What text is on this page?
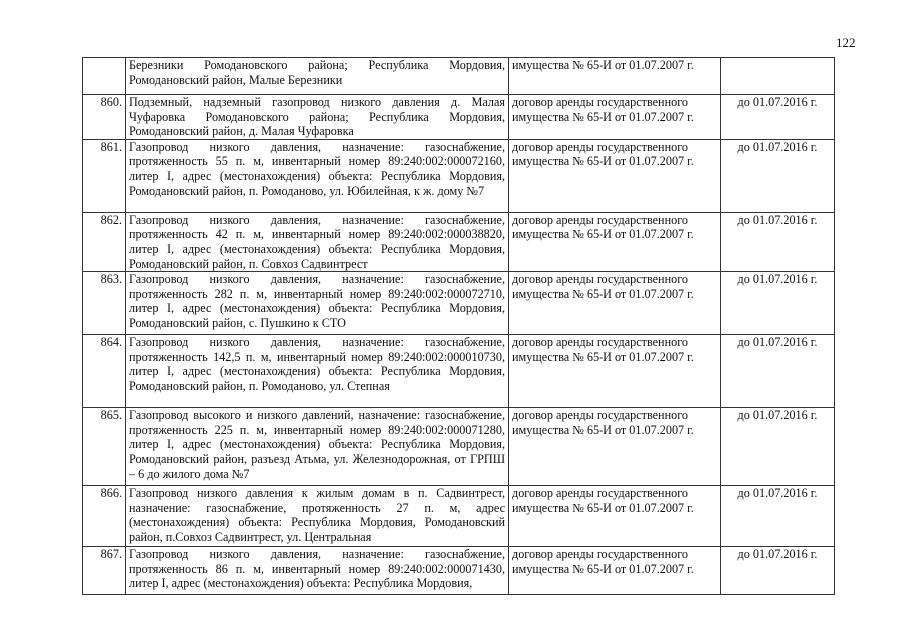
122
	Березники Ромодановского района; Республика Мордовия, Ромодановский район, Малые Березники	имущества № 65-И от 01.07.2007 г.	
860.	Подземный, надземный газопровод низкого давления д. Малая Чуфаровка Ромодановского района; Республика Мордовия, Ромодановский район, д. Малая Чуфаровка	договор аренды государственного имущества № 65-И от 01.07.2007 г.	до 01.07.2016 г.
861.	Газопровод низкого давления, назначение: газоснабжение, протяженность 55 п. м, инвентарный номер 89:240:002:000072160, литер I, адрес (местонахождения) объекта: Республика Мордовия, Ромодановский район, п. Ромоданово, ул. Юбилейная, к ж. дому №7	договор аренды государственного имущества № 65-И от 01.07.2007 г.	до 01.07.2016 г.
862.	Газопровод низкого давления, назначение: газоснабжение, протяженность 42 п. м, инвентарный номер 89:240:002:000038820, литер I, адрес (местонахождения) объекта: Республика Мордовия, Ромодановский район, п. Совхоз Садвинтрест	договор аренды государственного имущества № 65-И от 01.07.2007 г.	до 01.07.2016 г.
863.	Газопровод низкого давления, назначение: газоснабжение, протяженность 282 п. м, инвентарный номер 89:240:002:000072710, литер I, адрес (местонахождения) объекта: Республика Мордовия, Ромодановский район, с. Пушкино к СТО	договор аренды государственного имущества № 65-И от 01.07.2007 г.	до 01.07.2016 г.
864.	Газопровод низкого давления, назначение: газоснабжение, протяженность 142,5 п. м, инвентарный номер 89:240:002:000010730, литер I, адрес (местонахождения) объекта: Республика Мордовия, Ромодановский район, п. Ромоданово, ул. Степная	договор аренды государственного имущества № 65-И от 01.07.2007 г.	до 01.07.2016 г.
865.	Газопровод высокого и низкого давлений, назначение: газоснабжение, протяженность 225 п. м, инвентарный номер 89:240:002:000071280, литер I, адрес (местонахождения) объекта: Республика Мордовия, Ромодановский район, разъезд Атьма, ул. Железнодорожная, от ГРПШ – 6 до жилого дома №7	договор аренды государственного имущества № 65-И от 01.07.2007 г.	до 01.07.2016 г.
866.	Газопровод низкого давления к жилым домам в п. Садвинтрест, назначение: газоснабжение, протяженность 27 п. м, адрес (местонахождения) объекта: Республика Мордовия, Ромодановский район, п.Совхоз Садвинтрест, ул. Центральная	договор аренды государственного имущества № 65-И от 01.07.2007 г.	до 01.07.2016 г.
867.	Газопровод низкого давления, назначение: газоснабжение, протяженность 86 п. м, инвентарный номер 89:240:002:000071430, литер I, адрес (местонахождения) объекта: Республика Мордовия,	договор аренды государственного имущества № 65-И от 01.07.2007 г.	до 01.07.2016 г.
